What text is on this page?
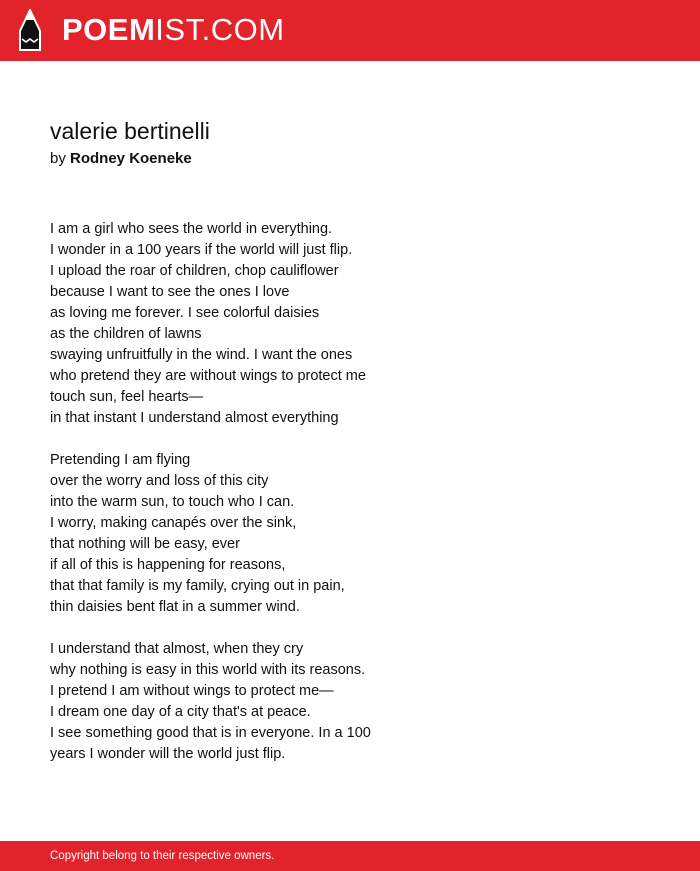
POEMIST.COM
valerie bertinelli
by Rodney Koeneke
I am a girl who sees the world in everything.
I wonder in a 100 years if the world will just flip.
I upload the roar of children, chop cauliflower
because I want to see the ones I love
as loving me forever. I see colorful daisies
as the children of lawns
swaying unfruitfully in the wind. I want the ones
who pretend they are without wings to protect me
touch sun, feel hearts—
in that instant I understand almost everything
Pretending I am flying
over the worry and loss of this city
into the warm sun, to touch who I can.
I worry, making canapés over the sink,
that nothing will be easy, ever
if all of this is happening for reasons,
that that family is my family, crying out in pain,
thin daisies bent flat in a summer wind.
I understand that almost, when they cry
why nothing is easy in this world with its reasons.
I pretend I am without wings to protect me—
I dream one day of a city that's at peace.
I see something good that is in everyone. In a 100
years I wonder will the world just flip.
Copyright belong to their respective owners.
